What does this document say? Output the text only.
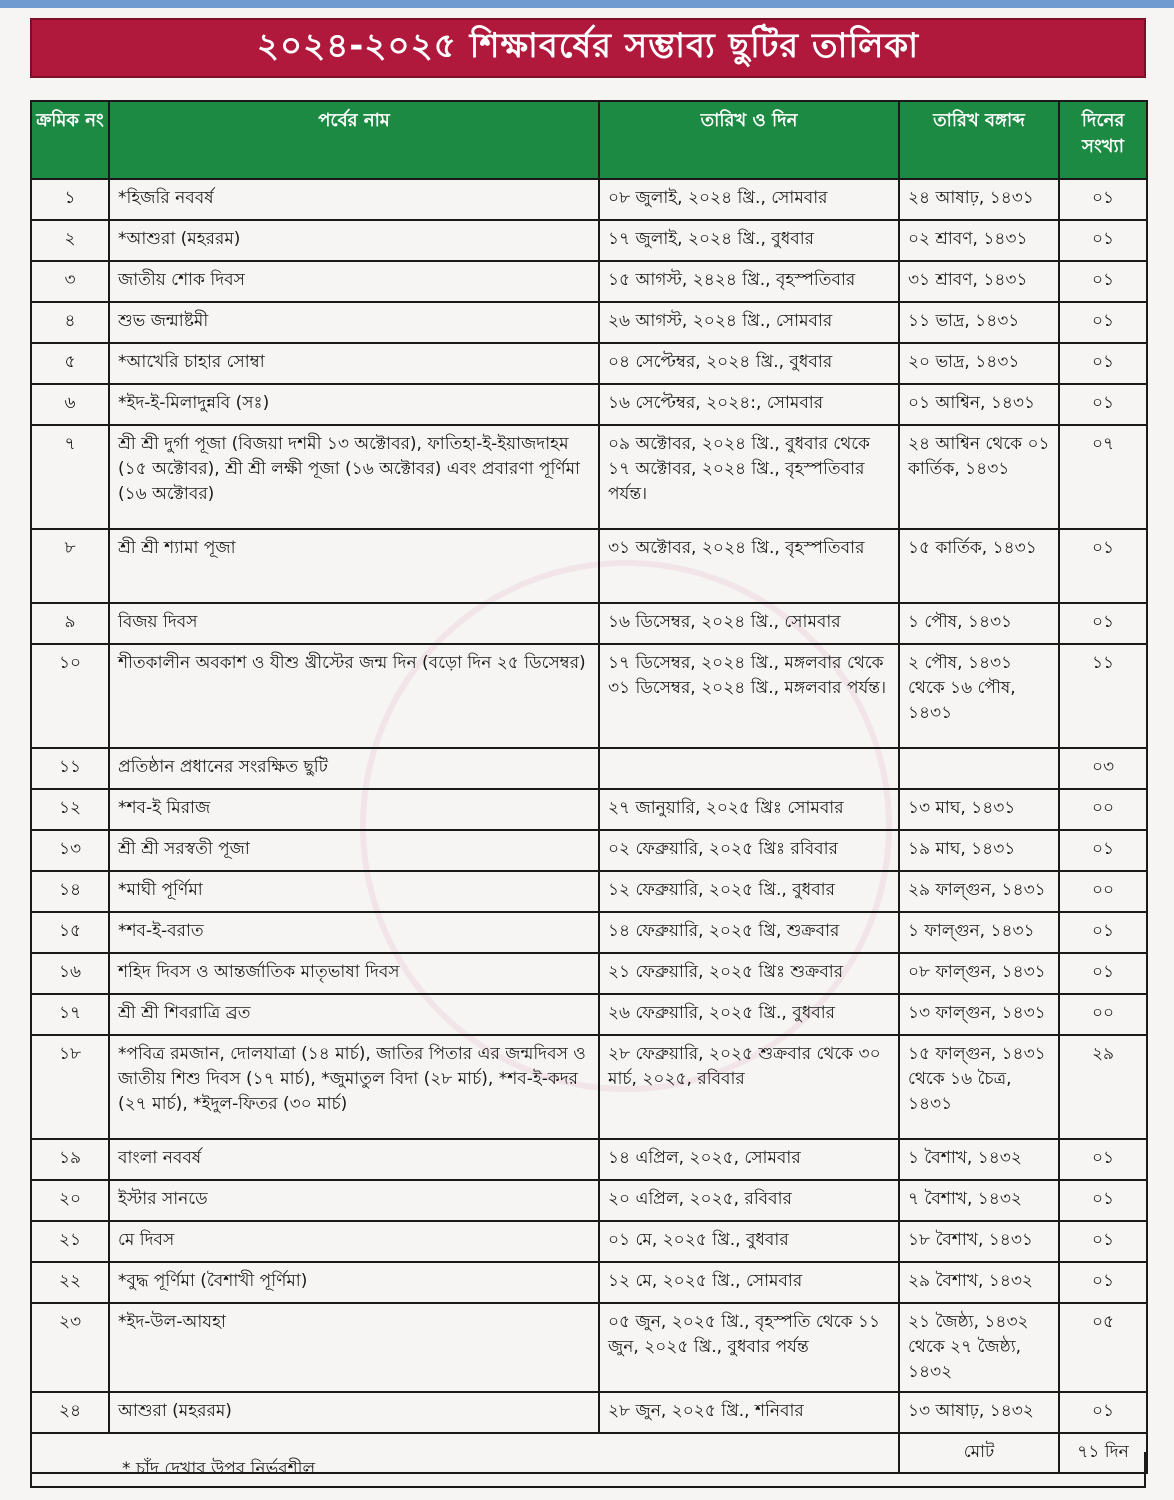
২০২৪-২০২৫ শিক্ষাবর্ষের সম্ভাব্য ছুটির তালিকা
ক্রমিক নং	পর্বের নাম	তারিখ ও দিন	তারিখ বঙ্গাব্দ	দিনের সংখ্যা
১	*হিজরি নববর্ষ	০৮ জুলাই, ২০২৪ খ্রি., সোমবার	২৪ আষাঢ়, ১৪৩১	০১
২	*আশুরা (মহররম)	১৭ জুলাই, ২০২৪ খ্রি., বুধবার	০২ শ্রাবণ, ১৪৩১	০১
৩	জাতীয় শোক দিবস	১৫ আগস্ট, ২৪২৪ খ্রি., বৃহস্পতিবার	৩১ শ্রাবণ, ১৪৩১	০১
৪	শুভ জন্মাষ্টমী	২৬ আগস্ট, ২০২৪ খ্রি., সোমবার	১১ ভাদ্র, ১৪৩১	০১
৫	*আখেরি চাহার সোম্বা	০৪ সেপ্টেম্বর, ২০২৪ খ্রি., বুধবার	২০ ভাদ্র, ১৪৩১	০১
৬	*ইদ-ই-মিলাদুন্নবি (সঃ)	১৬ সেপ্টেম্বর, ২০২৪:, সোমবার	০১ আশ্বিন, ১৪৩১	০১
৭	শ্রী শ্রী দুর্গা পূজা (বিজয়া দশমী ১৩ অক্টোবর), ফাতিহা-ই-ইয়াজদাহম (১৫ অক্টোবর), শ্রী শ্রী লক্ষী পূজা (১৬ অক্টোবর) এবং প্রবারণা পূর্ণিমা (১৬ অক্টোবর)	০৯ অক্টোবর, ২০২৪ খ্রি., বুধবার থেকে ১৭ অক্টোবর, ২০২৪ খ্রি., বৃহস্পতিবার পর্যন্ত।	২৪ আশ্বিন থেকে ০১ কার্তিক, ১৪৩১	০৭
৮	শ্রী শ্রী শ্যামা পূজা	৩১ অক্টোবর, ২০২৪ খ্রি., বৃহস্পতিবার	১৫ কার্তিক, ১৪৩১	০১
৯	বিজয় দিবস	১৬ ডিসেম্বর, ২০২৪ খ্রি., সোমবার	১ পৌষ, ১৪৩১	০১
১০	শীতকালীন অবকাশ ও যীশু খ্রীস্টের জন্ম দিন (বড়ো দিন ২৫ ডিসেম্বর)	১৭ ডিসেম্বর, ২০২৪ খ্রি., মঙ্গলবার থেকে ৩১ ডিসেম্বর, ২০২৪ খ্রি., মঙ্গলবার পর্যন্ত।	২ পৌষ, ১৪৩১ থেকে ১৬ পৌষ, ১৪৩১	১১
১১	প্রতিষ্ঠান প্রধানের সংরক্ষিত ছুটি			০৩
১২	*শব-ই মিরাজ	২৭ জানুয়ারি, ২০২৫ খ্রিঃ সোমবার	১৩ মাঘ, ১৪৩১	০০
১৩	শ্রী শ্রী সরস্বতী পূজা	০২ ফেব্রুয়ারি, ২০২৫ খ্রিঃ রবিবার	১৯ মাঘ, ১৪৩১	০১
১৪	*মাঘী পূর্ণিমা	১২ ফেব্রুয়ারি, ২০২৫ খ্রি., বুধবার	২৯ ফাল্গুন, ১৪৩১	০০
১৫	*শব-ই-বরাত	১৪ ফেব্রুয়ারি, ২০২৫ খ্রি, শুক্রবার	১ ফাল্গুন, ১৪৩১	০১
১৬	শহিদ দিবস ও আন্তর্জাতিক মাতৃভাষা দিবস	২১ ফেব্রুয়ারি, ২০২৫ খ্রিঃ শুক্রবার	০৮ ফাল্গুন, ১৪৩১	০১
১৭	শ্রী শ্রী শিবরাত্রি ব্রত	২৬ ফেব্রুয়ারি, ২০২৫ খ্রি., বুধবার	১৩ ফাল্গুন, ১৪৩১	০০
১৮	*পবিত্র রমজান, দোলযাত্রা (১৪ মার্চ), জাতির পিতার এর জন্মদিবস ও জাতীয় শিশু দিবস (১৭ মার্চ), *জুমাতুল বিদা (২৮ মার্চ), *শব-ই-কদর (২৭ মার্চ), *ইদুল-ফিতর (৩০ মার্চ)	২৮ ফেব্রুয়ারি, ২০২৫ শুক্রবার থেকে ৩০ মার্চ, ২০২৫, রবিবার	১৫ ফাল্গুন, ১৪৩১ থেকে ১৬ চৈত্র, ১৪৩১	২৯
১৯	বাংলা নববর্ষ	১৪ এপ্রিল, ২০২৫, সোমবার	১ বৈশাখ, ১৪৩২	০১
২০	ইস্টার সানডে	২০ এপ্রিল, ২০২৫, রবিবার	৭ বৈশাখ, ১৪৩২	০১
২১	মে দিবস	০১ মে, ২০২৫ খ্রি., বুধবার	১৮ বৈশাখ, ১৪৩১	০১
২২	*বুদ্ধ পূর্ণিমা (বৈশাখী পূর্ণিমা)	১২ মে, ২০২৫ খ্রি., সোমবার	২৯ বৈশাখ, ১৪৩২	০১
২৩	*ইদ-উল-আযহা	০৫ জুন, ২০২৫ খ্রি., বৃহস্পতি থেকে ১১ জুন, ২০২৫ খ্রি., বুধবার পর্যন্ত	২১ জৈষ্ঠ্য, ১৪৩২ থেকে ২৭ জৈষ্ঠ্য, ১৪৩২	০৫
২৪	আশুরা (মহররম)	২৮ জুন, ২০২৫ খ্রি., শনিবার	১৩ আষাঢ়, ১৪৩২	০১
			মোট	৭১ দিন
* চাঁদ দেখার উপর নির্ভরশীল
